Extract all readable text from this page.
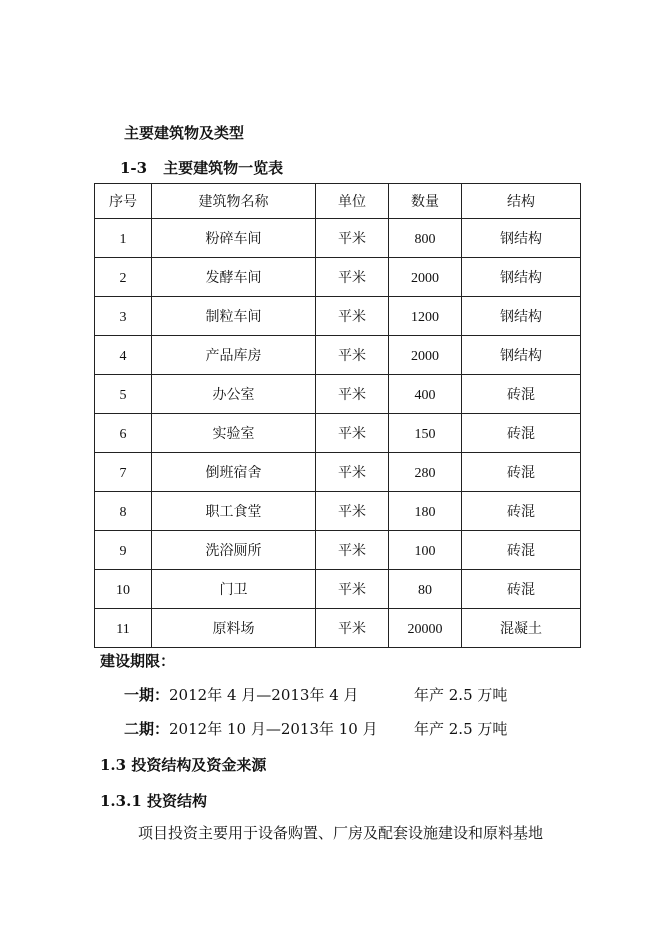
主要建筑物及类型
1-3 主要建筑物一览表
序号	建筑物名称	单位	数量	结构
1	粉碎车间	平米	800	钢结构
2	发酵车间	平米	2000	钢结构
3	制粒车间	平米	1200	钢结构
4	产品库房	平米	2000	钢结构
5	办公室	平米	400	砖混
6	实验室	平米	150	砖混
7	倒班宿舍	平米	280	砖混
8	职工食堂	平米	180	砖混
9	洗浴厕所	平米	100	砖混
10	门卫	平米	80	砖混
11	原料场	平米	20000	混凝土
建设期限：
一期：2012年 4 月—2013年 4 月	年产 2.5 万吨
二期：2012年 10 月—2013年 10 月 年产 2.5 万吨
1.3 投资结构及资金来源
1.3.1 投资结构
项目投资主要用于设备购置、厂房及配套设施建设和原料基地
